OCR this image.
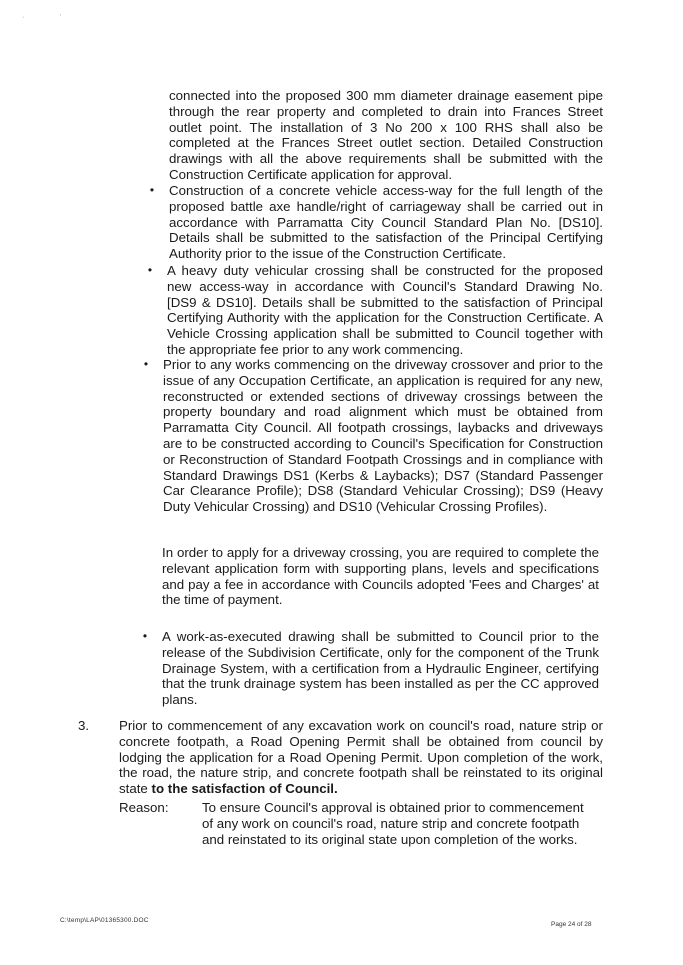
·	'

connected into the proposed 300 mm diameter drainage easement pipe through the rear property and completed to drain into Frances Street outlet point. The installation of 3 No 200 x 100 RHS shall also be completed at the Frances Street outlet section. Detailed Construction drawings with all the above requirements shall be submitted with the Construction Certificate application for approval.

• Construction of a concrete vehicle access-way for the full length of the proposed battle axe handle/right of carriageway shall be carried out in accordance with Parramatta City Council Standard Plan No. [DS10]. Details shall be submitted to the satisfaction of the Principal Certifying Authority prior to the issue of the Construction Certificate.
• A heavy duty vehicular crossing shall be constructed for the proposed new access-way in accordance with Council's Standard Drawing No. [DS9 & DS10]. Details shall be submitted to the satisfaction of Principal Certifying Authority with the application for the Construction Certificate. A Vehicle Crossing application shall be submitted to Council together with the appropriate fee prior to any work commencing.
• Prior to any works commencing on the driveway crossover and prior to the issue of any Occupation Certificate, an application is required for any new, reconstructed or extended sections of driveway crossings between the property boundary and road alignment which must be obtained from Parramatta City Council. All footpath crossings, laybacks and driveways are to be constructed according to Council's Specification for Construction or Reconstruction of Standard Footpath Crossings and in compliance with Standard Drawings DS1 (Kerbs & Laybacks); DS7 (Standard Passenger Car Clearance Profile); DS8 (Standard Vehicular Crossing); DS9 (Heavy Duty Vehicular Crossing) and DS10 (Vehicular Crossing Profiles).

In order to apply for a driveway crossing, you are required to complete the relevant application form with supporting plans, levels and specifications and pay a fee in accordance with Councils adopted 'Fees and Charges' at the time of payment.

• A work-as-executed drawing shall be submitted to Council prior to the release of the Subdivision Certificate, only for the component of the Trunk Drainage System, with a certification from a Hydraulic Engineer, certifying that the trunk drainage system has been installed as per the CC approved plans.
3. Prior to commencement of any excavation work on council's road, nature strip or concrete footpath, a Road Opening Permit shall be obtained from council by lodging the application for a Road Opening Permit. Upon completion of the work, the road, the nature strip, and concrete footpath shall be reinstated to its original state to the satisfaction of Council.
Reason:	To ensure Council's approval is obtained prior to commencement of any work on council's road, nature strip and concrete footpath and reinstated to its original state upon completion of the works.
C:\temp\LAP\01365300.DOC
Page 24 of 28
